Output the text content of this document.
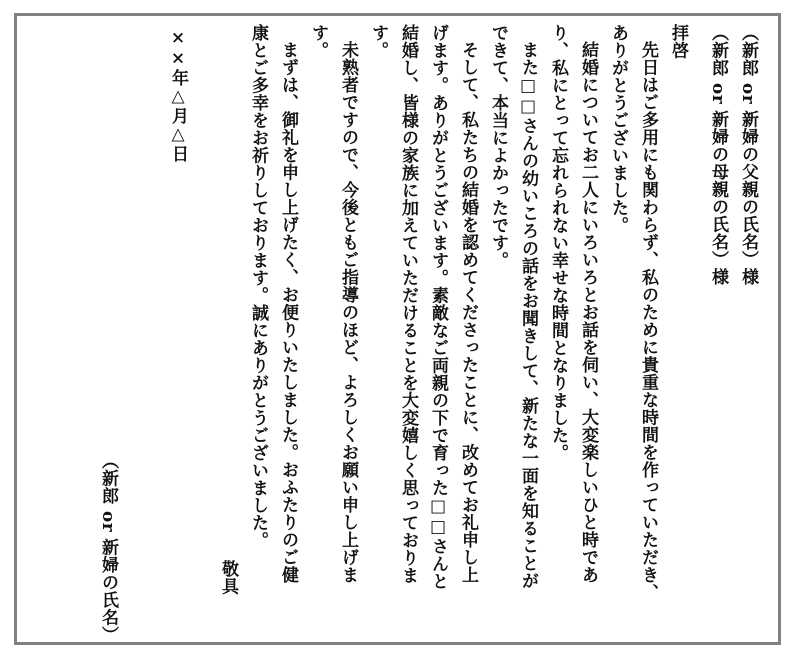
（新郎 or 新婦の父親の氏名）様
（新郎 or 新婦の母親の氏名）様
拝啓
先日はご多用にも関わらず、私のために貴重な時間を作っていただき、
ありがとうございました。
結婚についてお二人にいろいろとお話を伺い、大変楽しいひと時であ
り、私にとって忘れられない幸せな時間となりました。
また□□さんの幼いころの話をお聞きして、新たな一面を知ることが
できて、本当によかったです。
そして、私たちの結婚を認めてくださったことに、改めてお礼申し上
げます。ありがとうございます。素敵なご両親の下で育った□□さんと
結婚し、皆様の家族に加えていただけることを大変嬉しく思っておりま
す。
未熟者ですので、今後ともご指導のほど、よろしくお願い申し上げま
す。
まずは、御礼を申し上げたく、お便りいたしました。おふたりのご健
康とご多幸をお祈りしております。誠にありがとうございました。
敬具
××年△月△日
（新郎 or 新婦の氏名）
